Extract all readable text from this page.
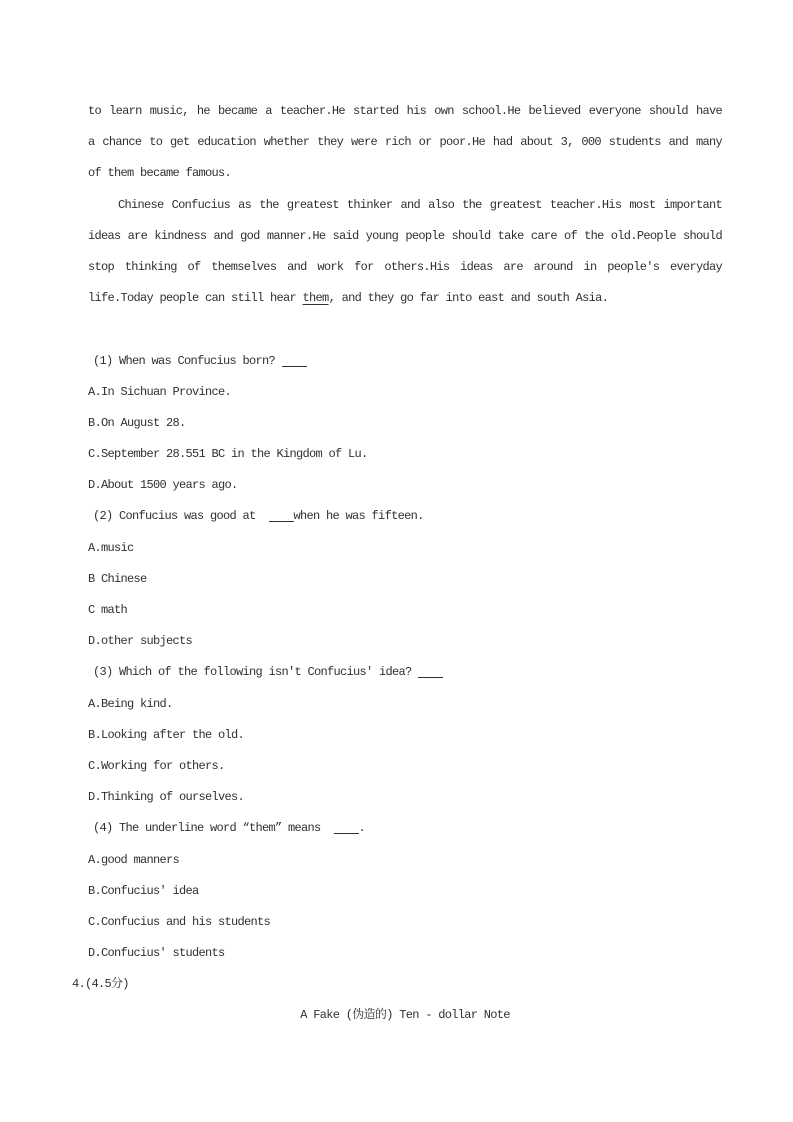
to learn music, he became a teacher.He started his own school.He believed everyone should have
a chance to get education whether they were rich or poor.He had about 3, 000 students and many
of them became famous.
Chinese Confucius as the greatest thinker and also the greatest teacher.His most important
ideas are kindness and god manner.He said young people should take care of the old.People should
stop thinking of themselves and work for others.His ideas are around in people's everyday
life.Today people can still hear them, and they go far into east and south Asia.
(1) When was Confucius born?
A.In Sichuan Province.
B.On August 28.
C.September 28.551 BC in the Kingdom of Lu.
D.About 1500 years ago.
(2) Confucius was good at  when he was fifteen.
A.music
B Chinese
C math
D.other subjects
(3) Which of the following isn't Confucius' idea?
A.Being kind.
B.Looking after the old.
C.Working for others.
D.Thinking of ourselves.
(4) The underline word “them” means  .
A.good manners
B.Confucius' idea
C.Confucius and his students
D.Confucius' students
4.(4.5分)
A Fake (伪造的) Ten - dollar Note
